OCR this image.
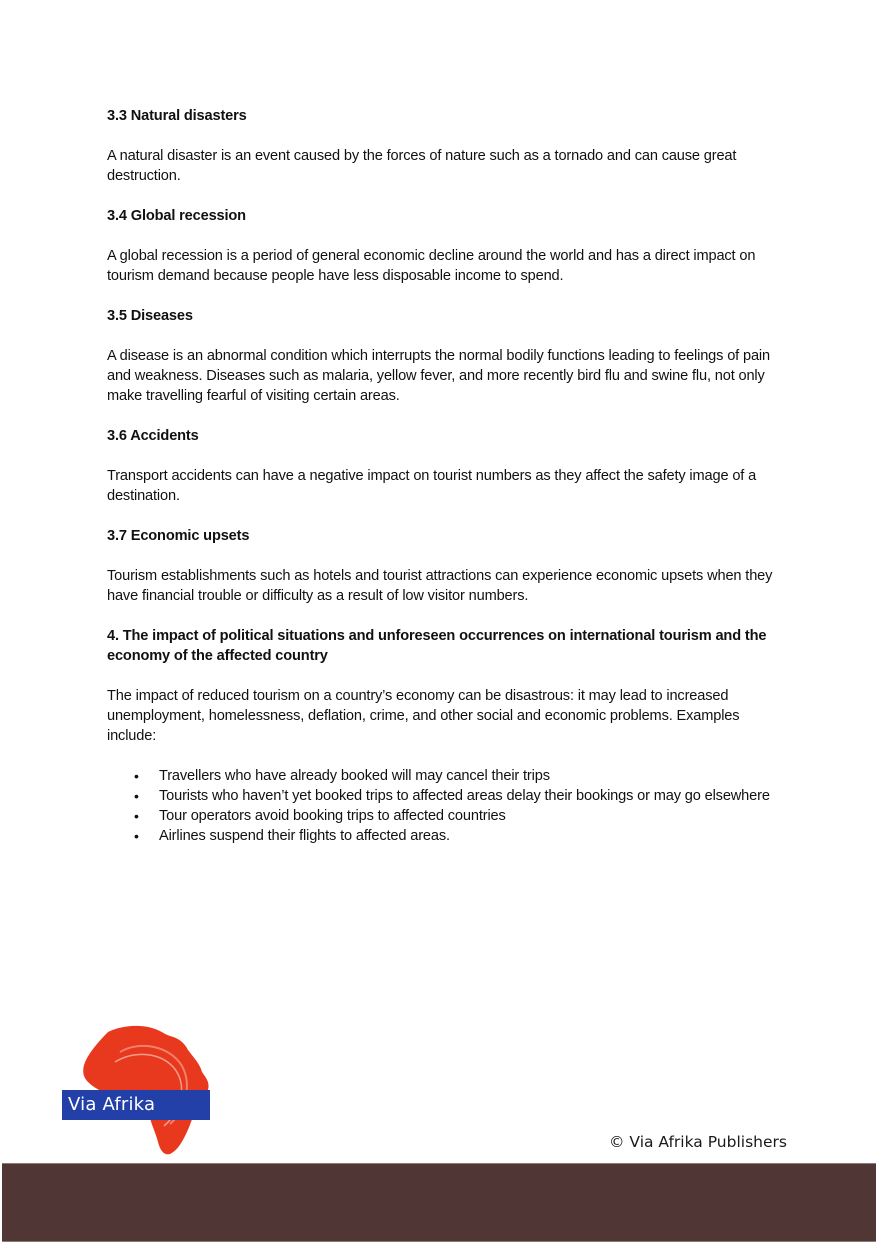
3.3 Natural disasters

A natural disaster is an event caused by the forces of nature such as a tornado and can cause great destruction.

3.4 Global recession

A global recession is a period of general economic decline around the world and has a direct impact on tourism demand because people have less disposable income to spend.

3.5 Diseases

A disease is an abnormal condition which interrupts the normal bodily functions leading to feelings of pain and weakness. Diseases such as malaria, yellow fever, and more recently bird flu and swine flu, not only make travelling fearful of visiting certain areas.

3.6 Accidents

Transport accidents can have a negative impact on tourist numbers as they affect the safety image of a destination.

3.7 Economic upsets

Tourism establishments such as hotels and tourist attractions can experience economic upsets when they have financial trouble or difficulty as a result of low visitor numbers.

4. The impact of political situations and unforeseen occurrences on international tourism and the economy of the affected country

The impact of reduced tourism on a country’s economy can be disastrous: it may lead to increased unemployment, homelessness, deflation, crime, and other social and economic problems. Examples include:

• Travellers who have already booked will may cancel their trips
• Tourists who haven’t yet booked trips to affected areas delay their bookings or may go elsewhere
• Tour operators avoid booking trips to affected countries
• Airlines suspend their flights to affected areas.
Via Afrika
© Via Afrika Publishers
